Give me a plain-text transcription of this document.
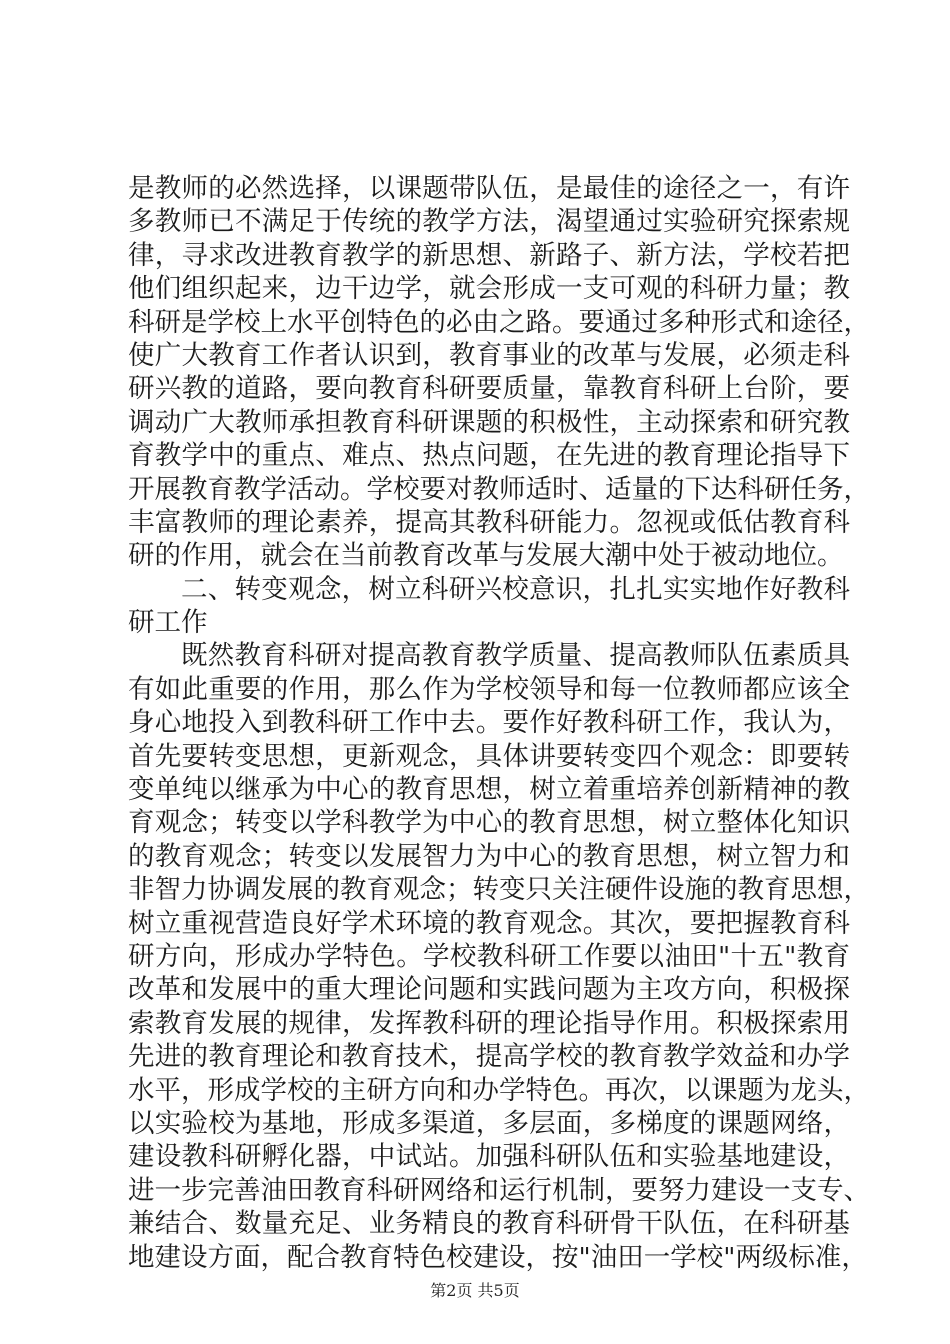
是教师的必然选择，以课题带队伍，是最佳的途径之一，有许
多教师已不满足于传统的教学方法，渴望通过实验研究探索规
律，寻求改进教育教学的新思想、新路子、新方法，学校若把
他们组织起来，边干边学，就会形成一支可观的科研力量；教
科研是学校上水平创特色的必由之路。要通过多种形式和途径，
使广大教育工作者认识到，教育事业的改革与发展，必须走科
研兴教的道路，要向教育科研要质量，靠教育科研上台阶，要
调动广大教师承担教育科研课题的积极性，主动探索和研究教
育教学中的重点、难点、热点问题，在先进的教育理论指导下
开展教育教学活动。学校要对教师适时、适量的下达科研任务，
丰富教师的理论素养，提高其教科研能力。忽视或低估教育科
研的作用，就会在当前教育改革与发展大潮中处于被动地位。
二、转变观念，树立科研兴校意识，扎扎实实地作好教科
研工作
既然教育科研对提高教育教学质量、提高教师队伍素质具
有如此重要的作用，那么作为学校领导和每一位教师都应该全
身心地投入到教科研工作中去。要作好教科研工作，我认为，
首先要转变思想，更新观念，具体讲要转变四个观念：即要转
变单纯以继承为中心的教育思想，树立着重培养创新精神的教
育观念；转变以学科教学为中心的教育思想，树立整体化知识
的教育观念；转变以发展智力为中心的教育思想，树立智力和
非智力协调发展的教育观念；转变只关注硬件设施的教育思想，
树立重视营造良好学术环境的教育观念。其次，要把握教育科
研方向，形成办学特色。学校教科研工作要以油田"十五"教育
改革和发展中的重大理论问题和实践问题为主攻方向，积极探
索教育发展的规律，发挥教科研的理论指导作用。积极探索用
先进的教育理论和教育技术，提高学校的教育教学效益和办学
水平，形成学校的主研方向和办学特色。再次，以课题为龙头，
以实验校为基地，形成多渠道，多层面，多梯度的课题网络，
建设教科研孵化器，中试站。加强科研队伍和实验基地建设，
进一步完善油田教育科研网络和运行机制，要努力建设一支专、
兼结合、数量充足、业务精良的教育科研骨干队伍，在科研基
地建设方面，配合教育特色校建设，按"油田一学校"两级标准，
第2页 共5页
